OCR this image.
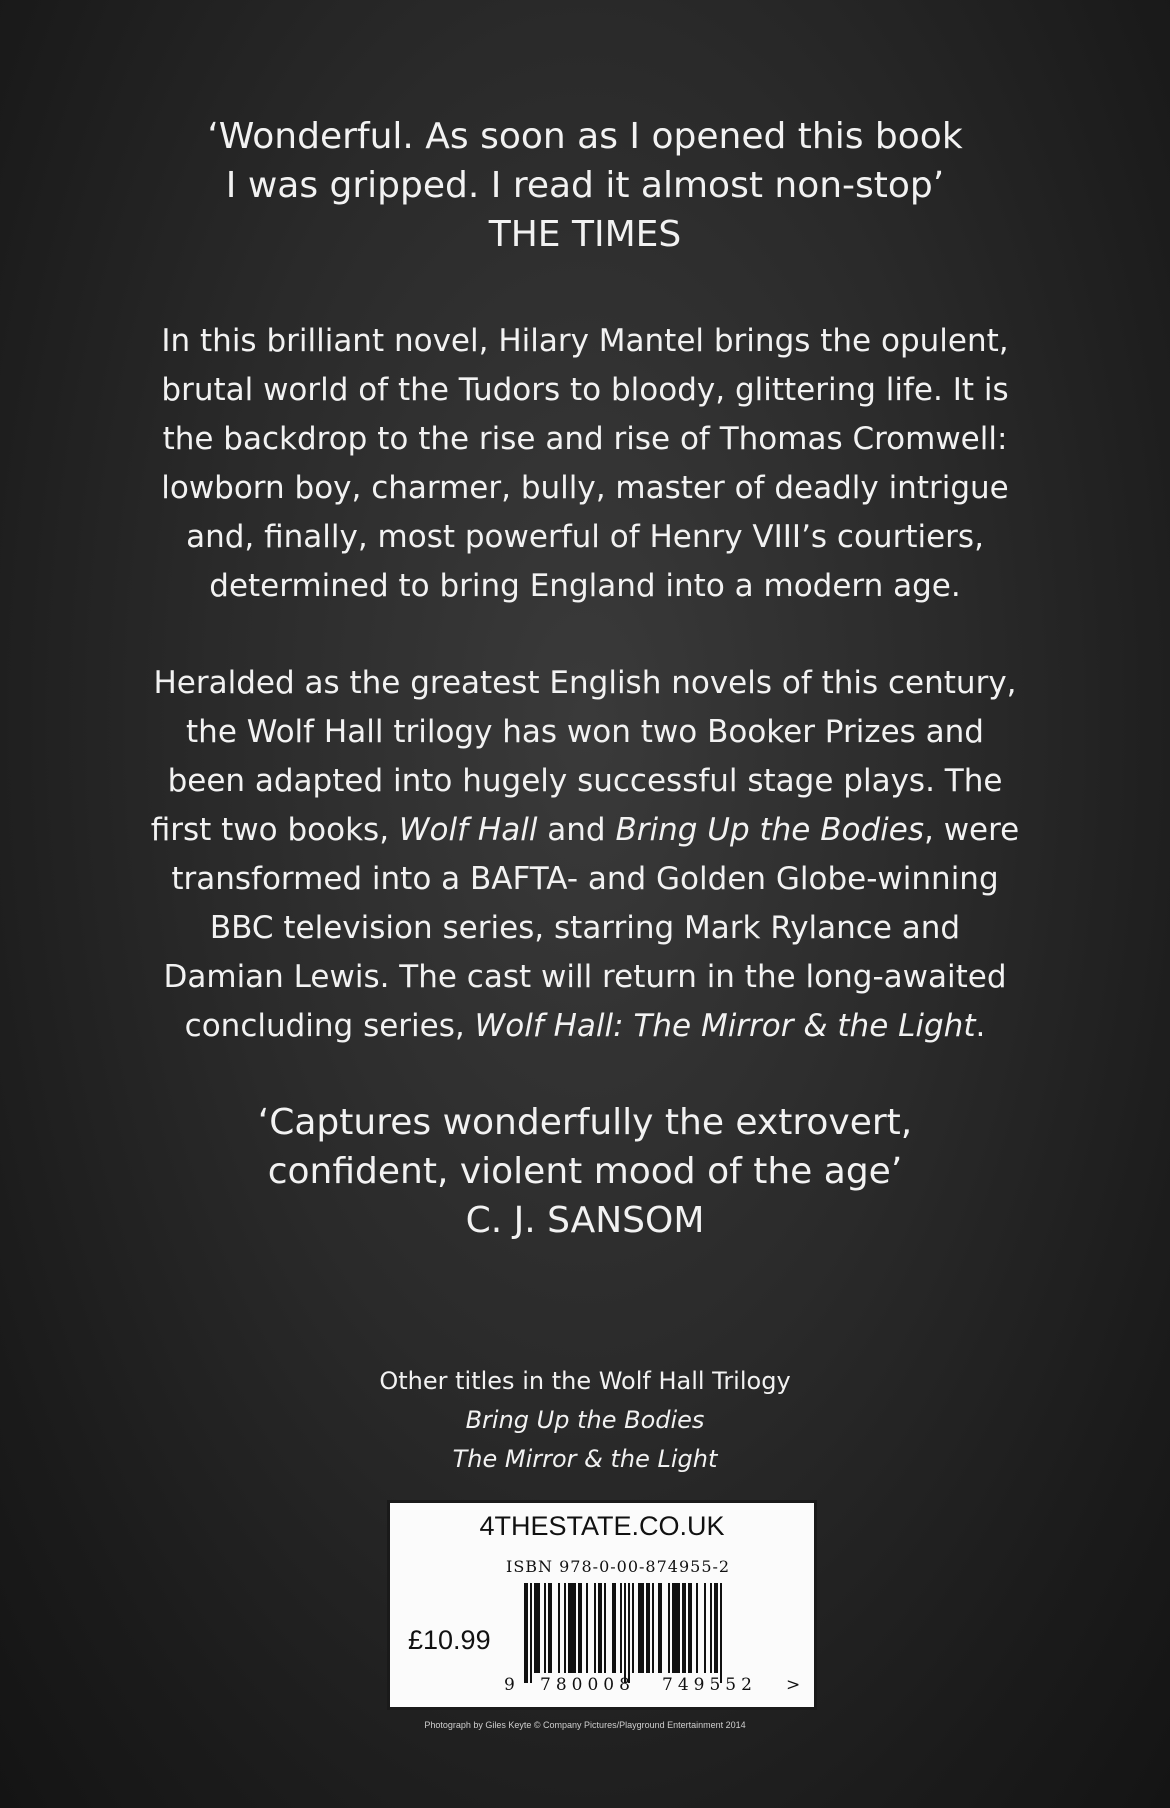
‘Wonderful. As soon as I opened this book
I was gripped. I read it almost non-stop’
THE TIMES
In this brilliant novel, Hilary Mantel brings the opulent,
brutal world of the Tudors to bloody, glittering life. It is
the backdrop to the rise and rise of Thomas Cromwell:
lowborn boy, charmer, bully, master of deadly intrigue
and, finally, most powerful of Henry VIII’s courtiers,
determined to bring England into a modern age.
Heralded as the greatest English novels of this century,
the Wolf Hall trilogy has won two Booker Prizes and
been adapted into hugely successful stage plays. The
first two books, Wolf Hall and Bring Up the Bodies, were
transformed into a BAFTA- and Golden Globe-winning
BBC television series, starring Mark Rylance and
Damian Lewis. The cast will return in the long-awaited
concluding series, Wolf Hall: The Mirror & the Light.
‘Captures wonderfully the extrovert,
confident, violent mood of the age’
C. J. SANSOM
Other titles in the Wolf Hall Trilogy
Bring Up the Bodies
The Mirror & the Light
4THESTATE.CO.UK
ISBN 978-0-00-874955-2
£10.99
9 780008 749552 >
Photograph by Giles Keyte © Company Pictures/Playground Entertainment 2014
